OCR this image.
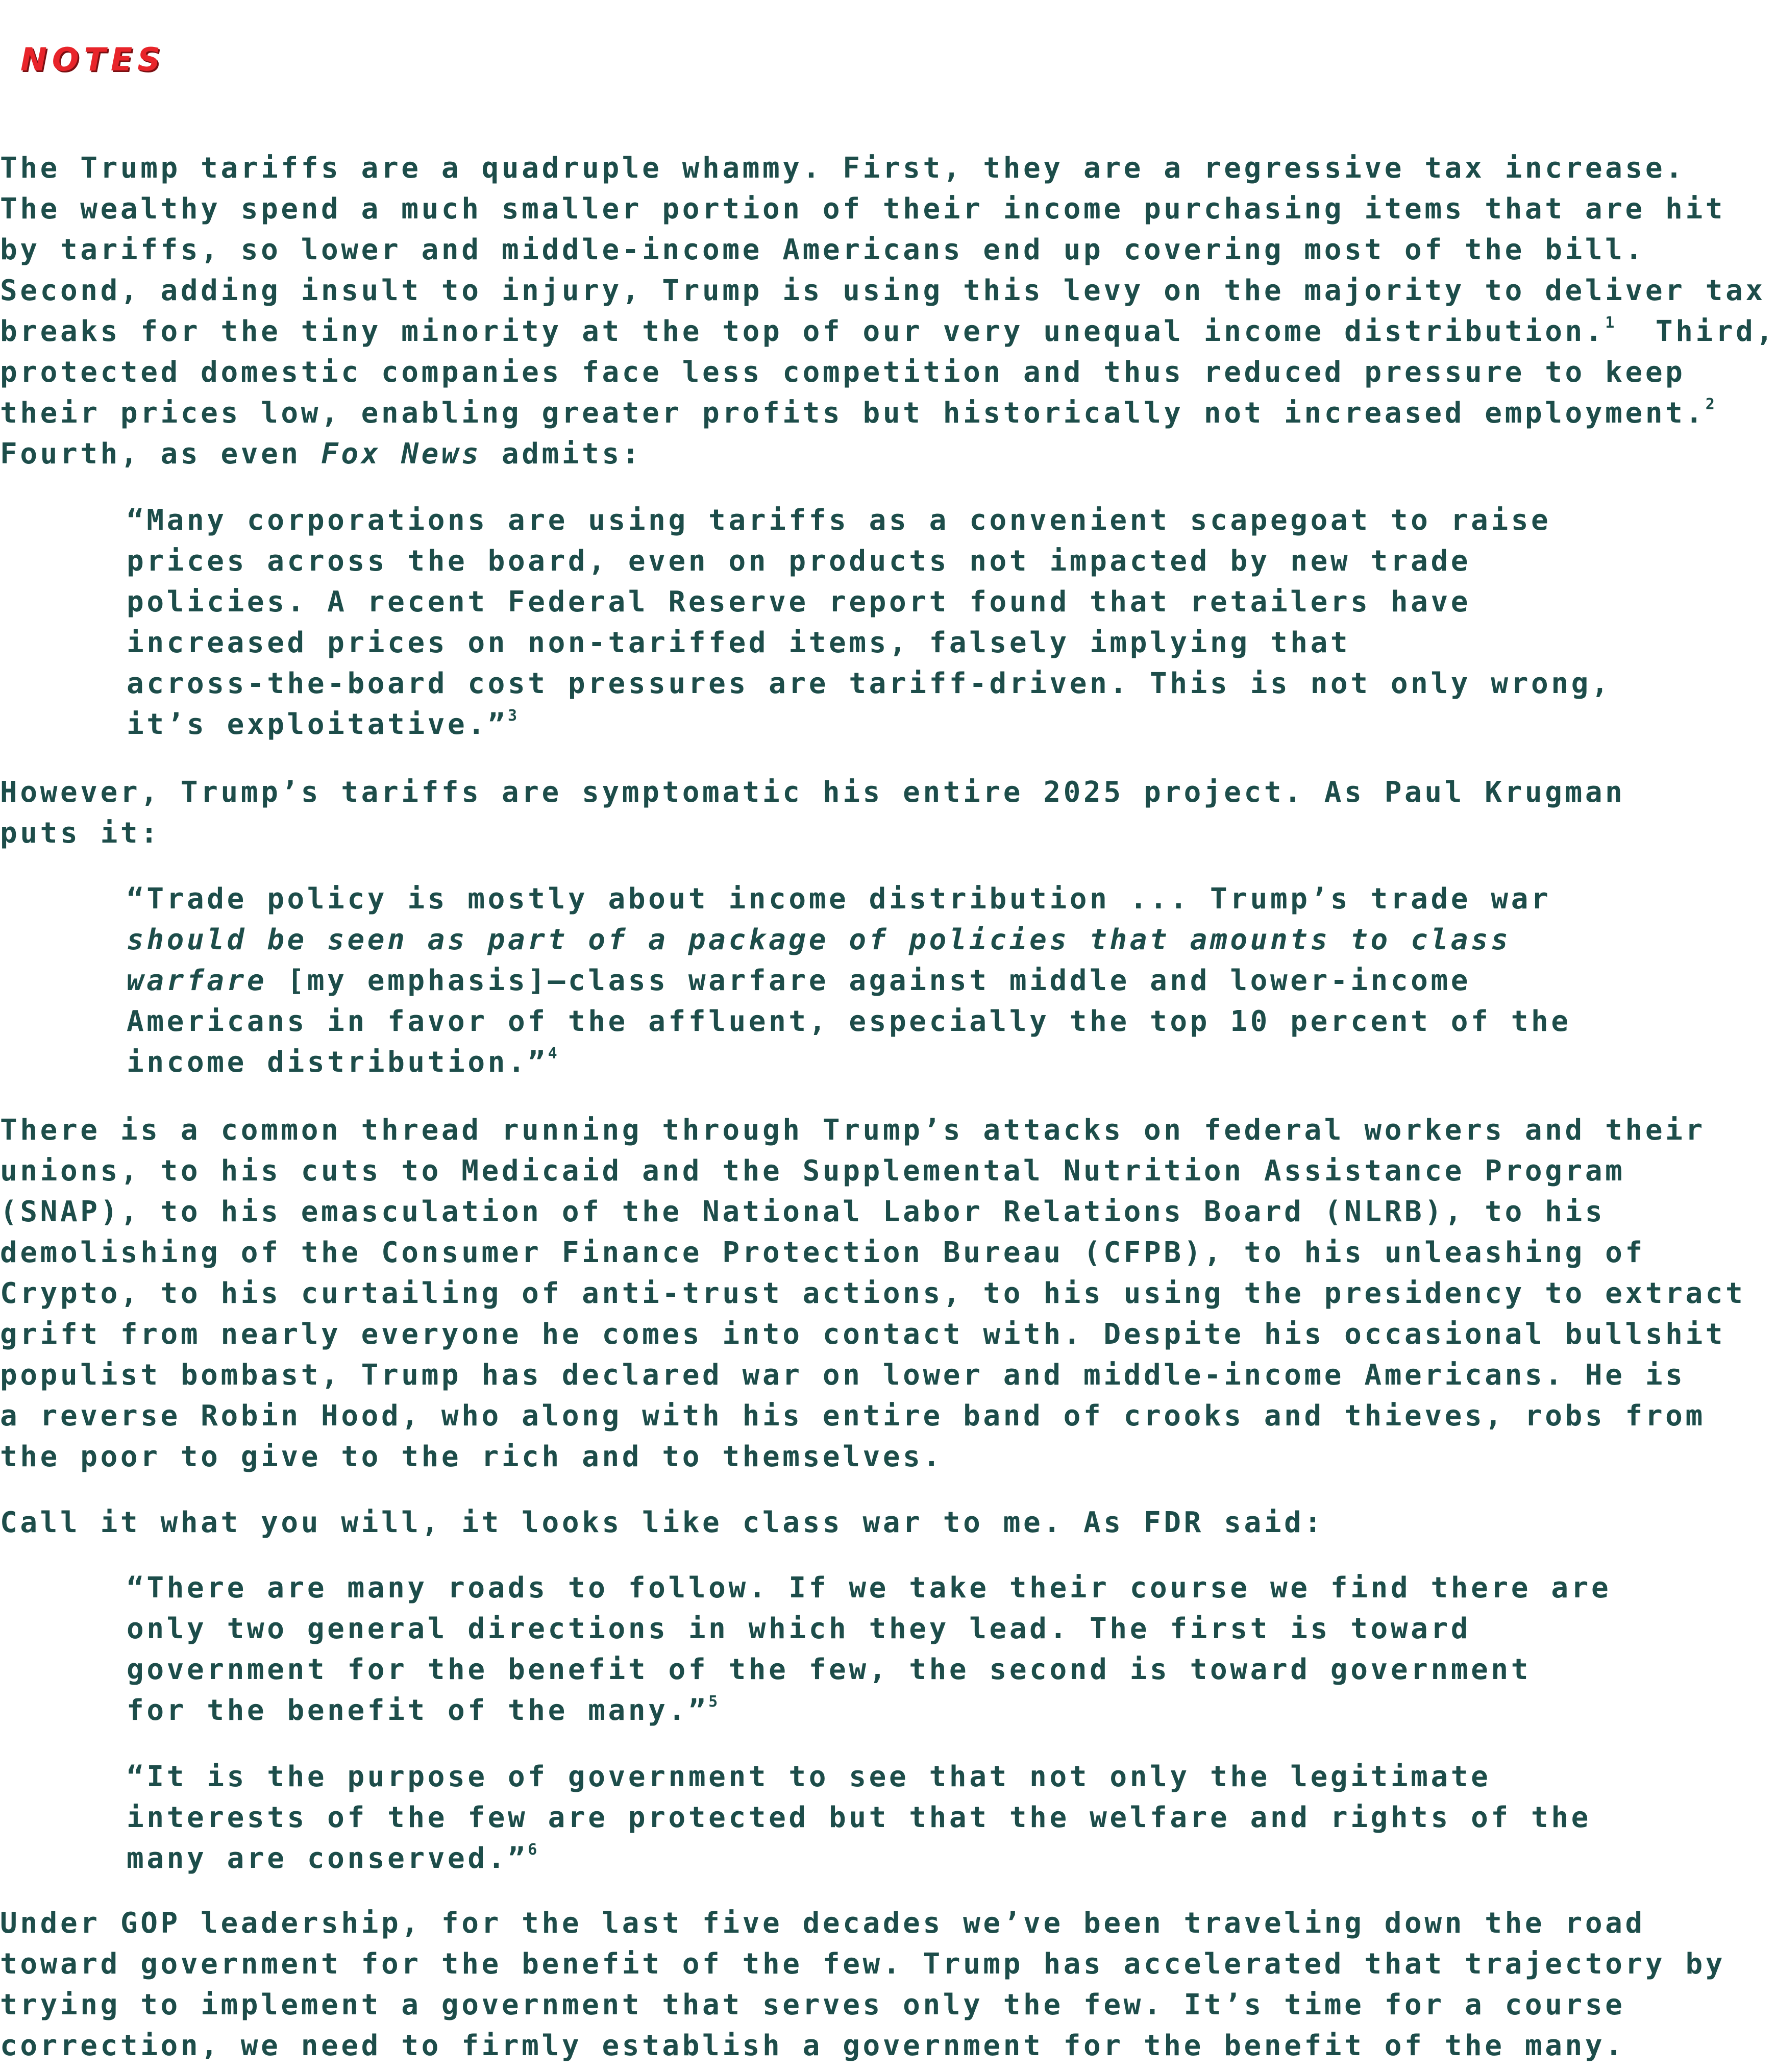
NOTES
The Trump tariffs are a quadruple whammy. First, they are a regressive tax increase.
The wealthy spend a much smaller portion of their income purchasing items that are hit
by tariffs, so lower and middle-income Americans end up covering most of the bill.
Second, adding insult to injury, Trump is using this levy on the majority to deliver tax
breaks for the tiny minority at the top of our very unequal income distribution.$^1$  Third,
protected domestic companies face less competition and thus reduced pressure to keep
their prices low, enabling greater profits but historically not increased employment.$^2$
Fourth, as even Fox News admits:
“Many corporations are using tariffs as a convenient scapegoat to raise
prices across the board, even on products not impacted by new trade
policies. A recent Federal Reserve report found that retailers have
increased prices on non-tariffed items, falsely implying that
across-the-board cost pressures are tariff-driven. This is not only wrong,
it’s exploitative.”$^3$
However, Trump’s tariffs are symptomatic his entire 2025 project. As Paul Krugman
puts it:
“Trade policy is mostly about income distribution ... Trump’s trade war
should be seen as part of a package of policies that amounts to class
warfare [my emphasis]—class warfare against middle and lower-income
Americans in favor of the affluent, especially the top 10 percent of the
income distribution.”$^4$
There is a common thread running through Trump’s attacks on federal workers and their
unions, to his cuts to Medicaid and the Supplemental Nutrition Assistance Program
(SNAP), to his emasculation of the National Labor Relations Board (NLRB), to his
demolishing of the Consumer Finance Protection Bureau (CFPB), to his unleashing of
Crypto, to his curtailing of anti-trust actions, to his using the presidency to extract
grift from nearly everyone he comes into contact with. Despite his occasional bullshit
populist bombast, Trump has declared war on lower and middle-income Americans. He is
a reverse Robin Hood, who along with his entire band of crooks and thieves, robs from
the poor to give to the rich and to themselves.
Call it what you will, it looks like class war to me. As FDR said:
“There are many roads to follow. If we take their course we find there are
only two general directions in which they lead. The first is toward
government for the benefit of the few, the second is toward government
for the benefit of the many.”$^5$
“It is the purpose of government to see that not only the legitimate
interests of the few are protected but that the welfare and rights of the
many are conserved.”$^6$
Under GOP leadership, for the last five decades we’ve been traveling down the road
toward government for the benefit of the few. Trump has accelerated that trajectory by
trying to implement a government that serves only the few. It’s time for a course
correction, we need to firmly establish a government for the benefit of the many.
